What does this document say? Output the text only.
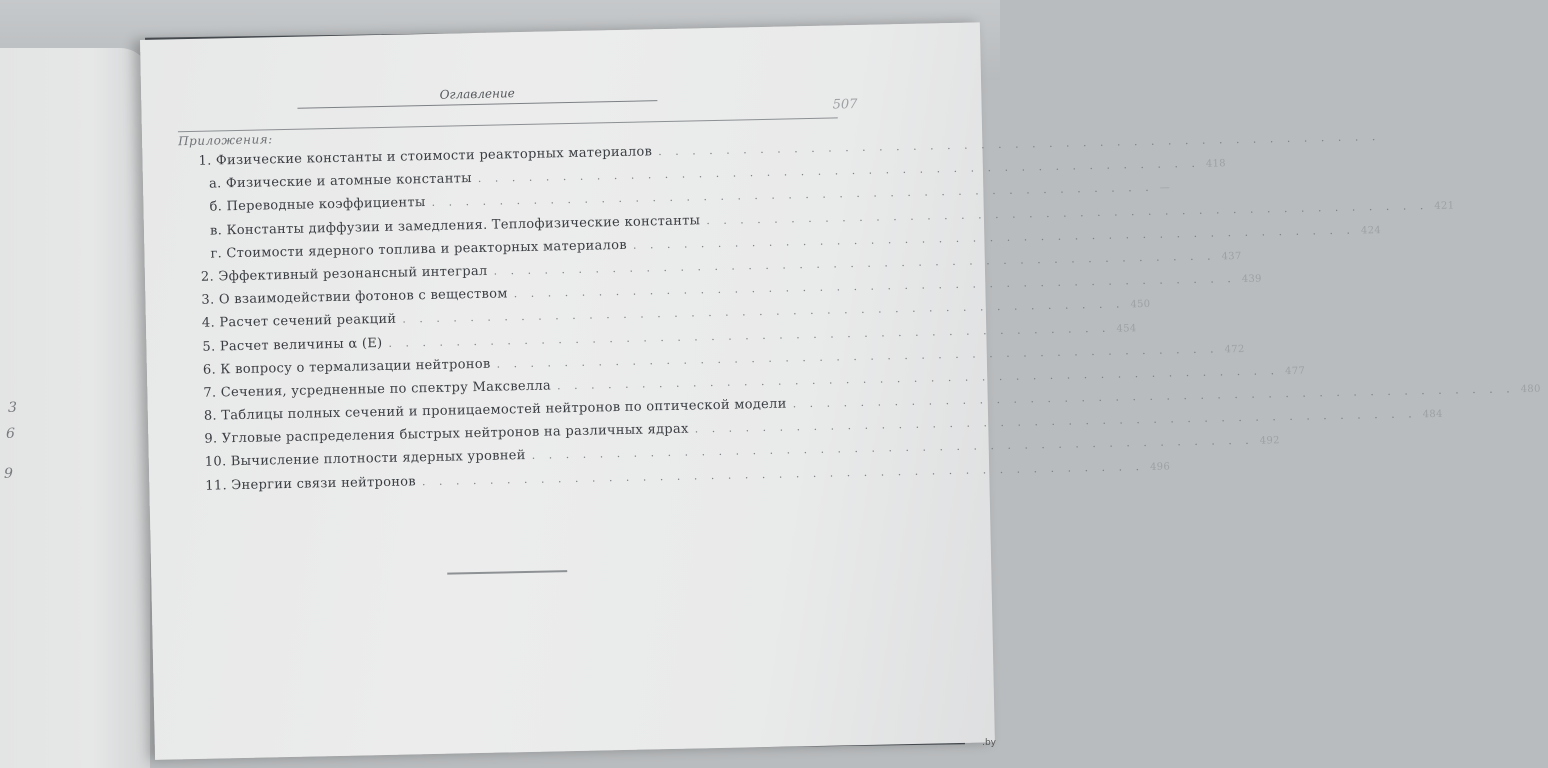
3
6
9
Оглавление
507
Приложения:
1. Физические константы и стоимости реакторных материалов . . . . . . . . . . . . . . . . . . . . . . . . . . . . . . . . . . . . . . . . . . .
а. Физические и атомные константы . . . . . . . . . . . . . . . . . . . . . . . . . . . . . . . . . . . . . . . . . . . 418
б. Переводные коэффициенты . . . . . . . . . . . . . . . . . . . . . . . . . . . . . . . . . . . . . . . . . . . —
в. Константы диффузии и замедления. Теплофизические константы . . . . . . . . . . . . . . . . . . . . . . . . . . . . . . . . . . . . . . . . . . . 421
г. Стоимости ядерного топлива и реакторных материалов . . . . . . . . . . . . . . . . . . . . . . . . . . . . . . . . . . . . . . . . . . . 424
2. Эффективный резонансный интеграл . . . . . . . . . . . . . . . . . . . . . . . . . . . . . . . . . . . . . . . . . . . 437
3. О взаимодействии фотонов с веществом . . . . . . . . . . . . . . . . . . . . . . . . . . . . . . . . . . . . . . . . . . . 439
4. Расчет сечений реакций . . . . . . . . . . . . . . . . . . . . . . . . . . . . . . . . . . . . . . . . . . . 450
5. Расчет величины α (E) . . . . . . . . . . . . . . . . . . . . . . . . . . . . . . . . . . . . . . . . . . . 454
6. К вопросу о термализации нейтронов . . . . . . . . . . . . . . . . . . . . . . . . . . . . . . . . . . . . . . . . . . . 472
7. Сечения, усредненные по спектру Максвелла . . . . . . . . . . . . . . . . . . . . . . . . . . . . . . . . . . . . . . . . . . . 477
8. Таблицы полных сечений и проницаемостей нейтронов по оптической модели . . . . . . . . . . . . . . . . . . . . . . . . . . . . . . . . . . . . . . . . . . . 480
9. Угловые распределения быстрых нейтронов на различных ядрах . . . . . . . . . . . . . . . . . . . . . . . . . . . . . . . . . . . . . . . . . . . 484
10. Вычисление плотности ядерных уровней . . . . . . . . . . . . . . . . . . . . . . . . . . . . . . . . . . . . . . . . . . . 492
11. Энергии связи нейтронов . . . . . . . . . . . . . . . . . . . . . . . . . . . . . . . . . . . . . . . . . . . 496
.by
